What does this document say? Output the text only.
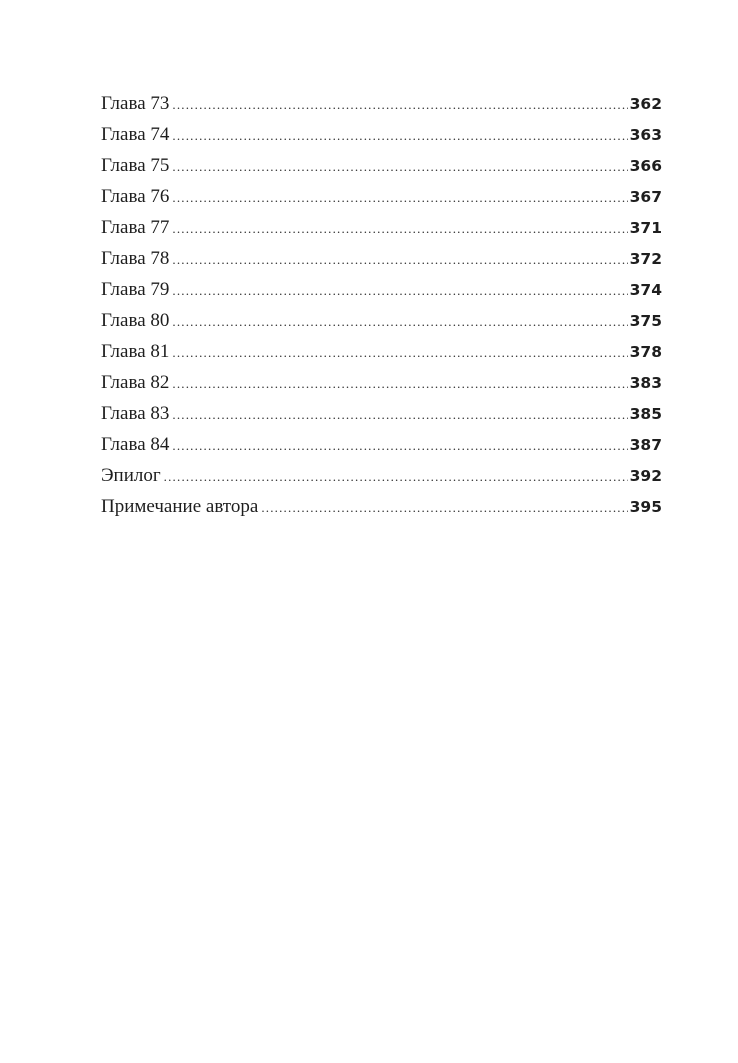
Глава 73 .....	362
Глава 74 .....	363
Глава 75 .....	366
Глава 76 .....	367
Глава 77 .....	371
Глава 78 .....	372
Глава 79 .....	374
Глава 80 .....	375
Глава 81 .....	378
Глава 82 .....	383
Глава 83 .....	385
Глава 84 .....	387
Эпилог .....	392
Примечание автора .....	395
